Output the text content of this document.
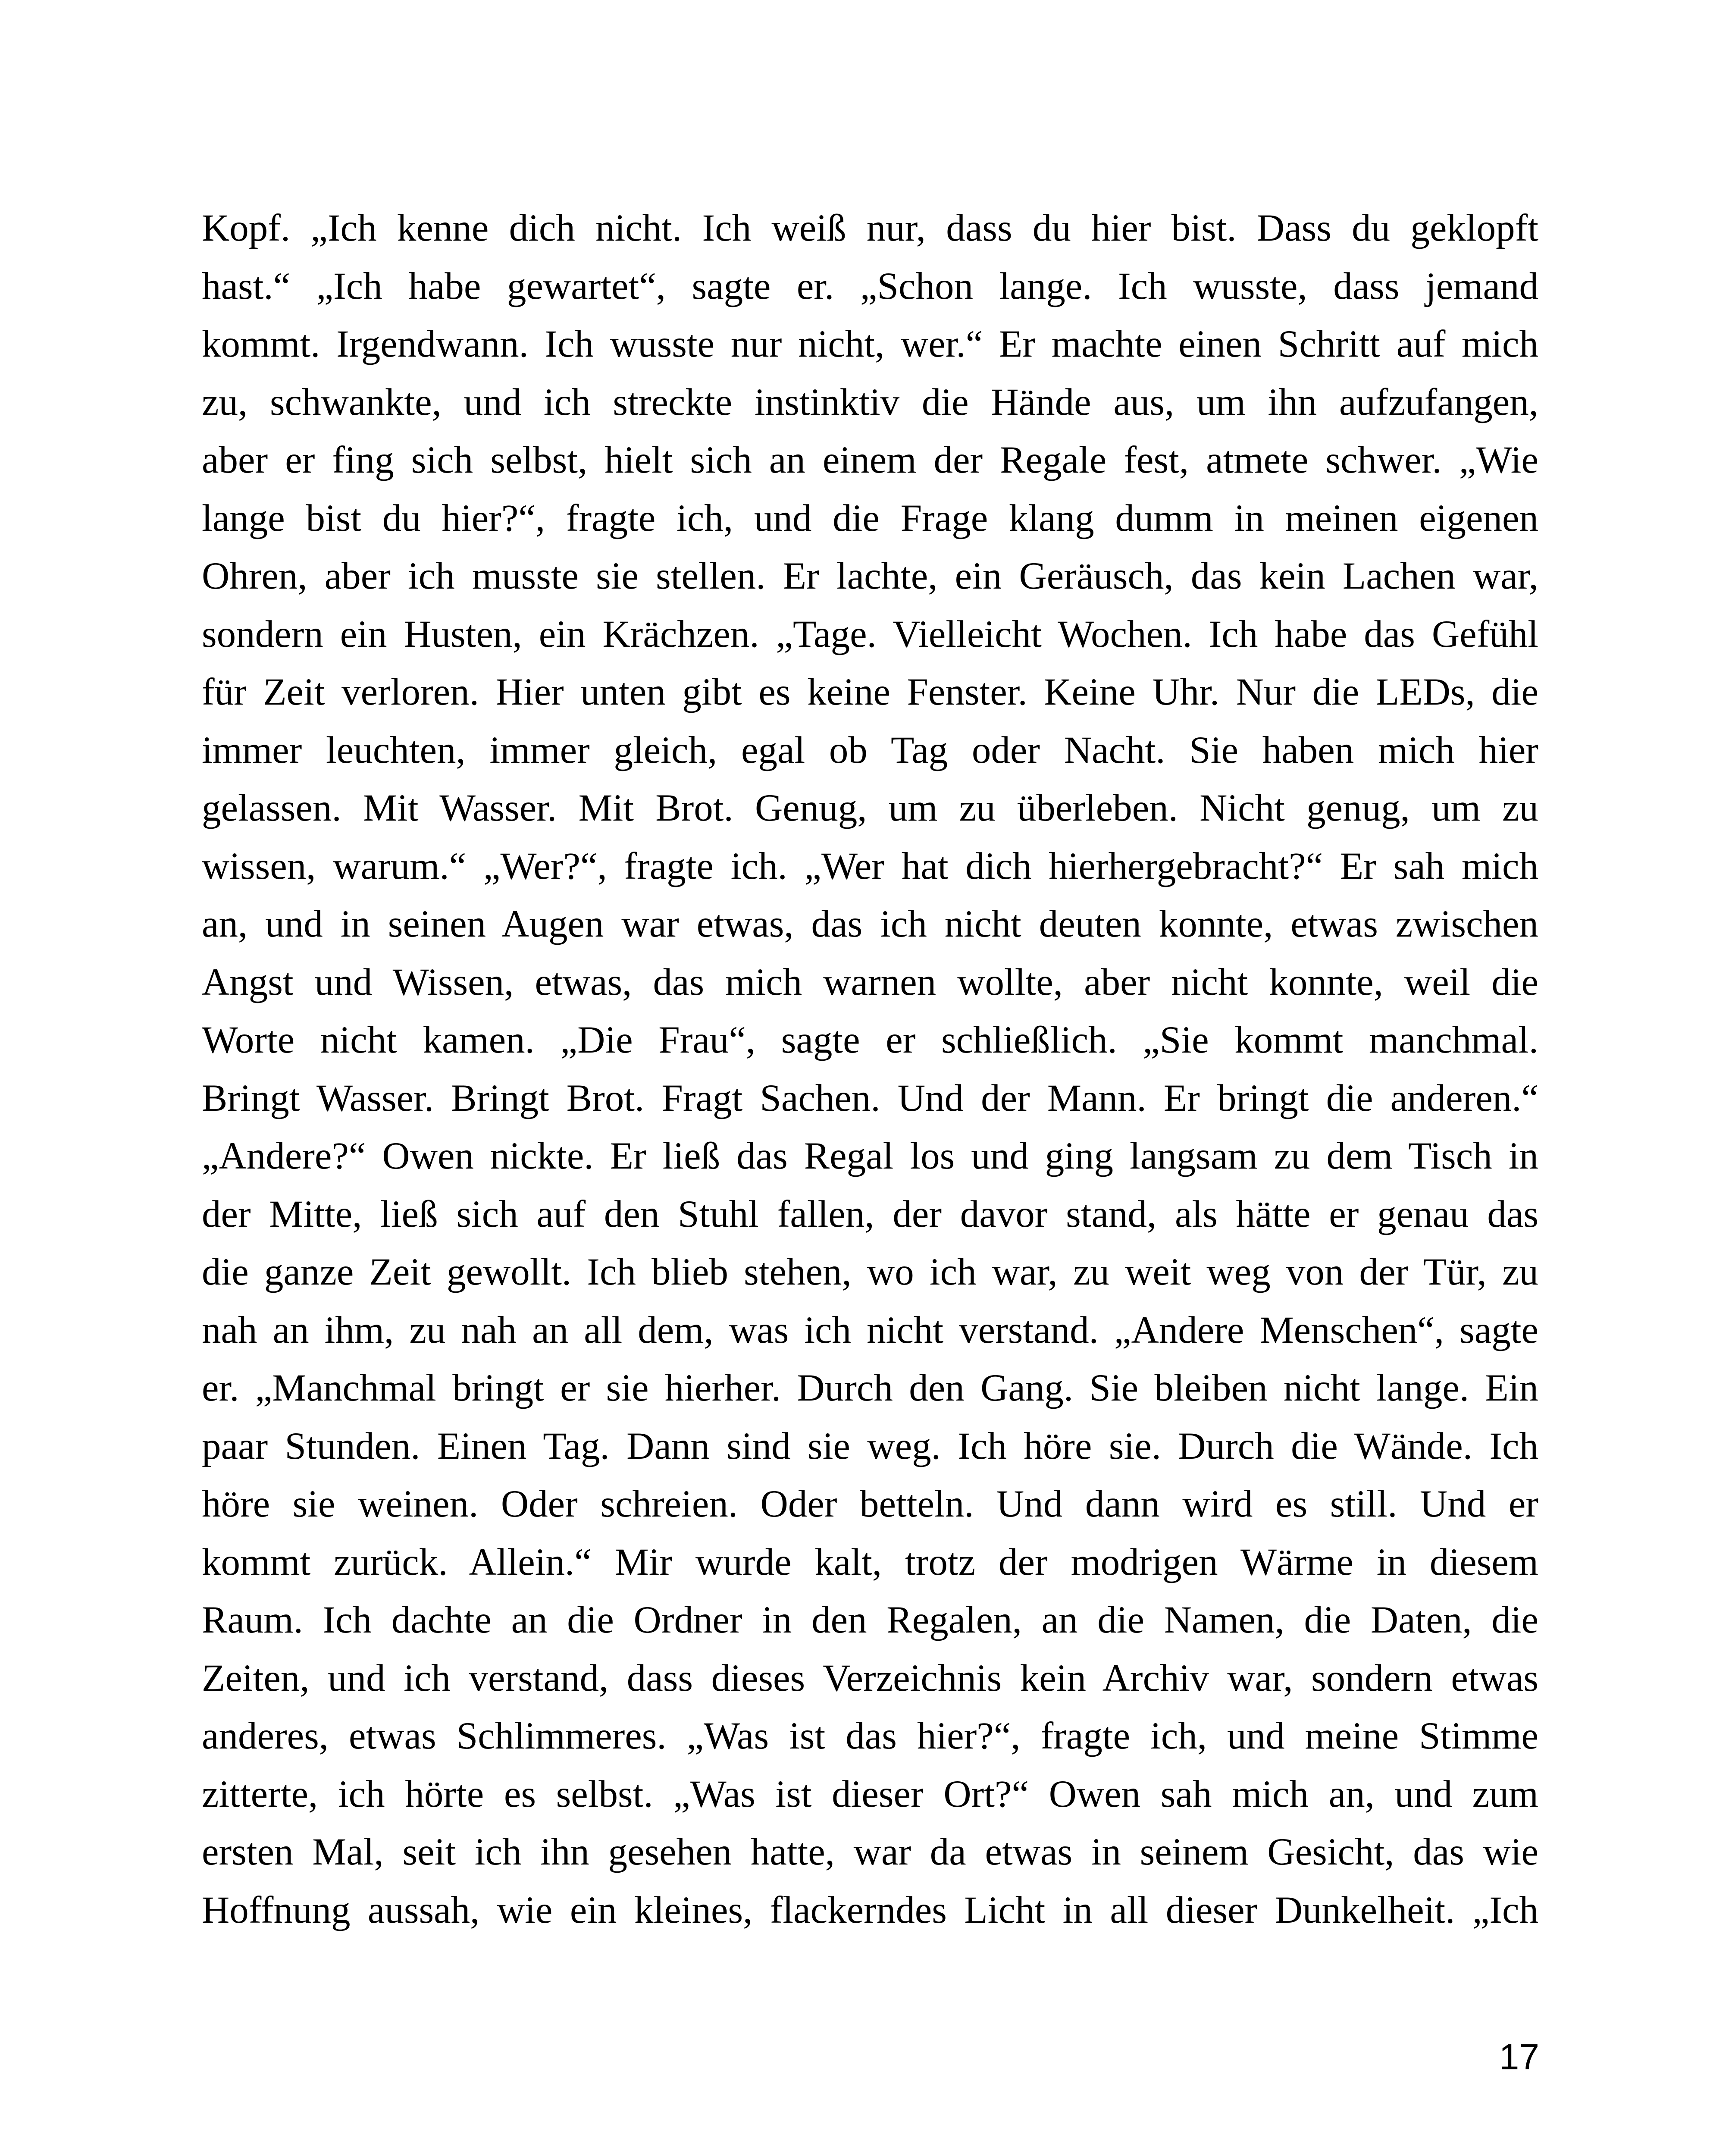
Kopf. „Ich kenne dich nicht. Ich weiß nur, dass du hier bist. Dass du geklopft
hast.“ „Ich habe gewartet“, sagte er. „Schon lange. Ich wusste, dass jemand
kommt. Irgendwann. Ich wusste nur nicht, wer.“ Er machte einen Schritt auf mich
zu, schwankte, und ich streckte instinktiv die Hände aus, um ihn aufzufangen,
aber er fing sich selbst, hielt sich an einem der Regale fest, atmete schwer. „Wie
lange bist du hier?“, fragte ich, und die Frage klang dumm in meinen eigenen
Ohren, aber ich musste sie stellen. Er lachte, ein Geräusch, das kein Lachen war,
sondern ein Husten, ein Krächzen. „Tage. Vielleicht Wochen. Ich habe das Gefühl
für Zeit verloren. Hier unten gibt es keine Fenster. Keine Uhr. Nur die LEDs, die
immer leuchten, immer gleich, egal ob Tag oder Nacht. Sie haben mich hier
gelassen. Mit Wasser. Mit Brot. Genug, um zu überleben. Nicht genug, um zu
wissen, warum.“ „Wer?“, fragte ich. „Wer hat dich hierhergebracht?“ Er sah mich
an, und in seinen Augen war etwas, das ich nicht deuten konnte, etwas zwischen
Angst und Wissen, etwas, das mich warnen wollte, aber nicht konnte, weil die
Worte nicht kamen. „Die Frau“, sagte er schließlich. „Sie kommt manchmal.
Bringt Wasser. Bringt Brot. Fragt Sachen. Und der Mann. Er bringt die anderen.“
„Andere?“ Owen nickte. Er ließ das Regal los und ging langsam zu dem Tisch in
der Mitte, ließ sich auf den Stuhl fallen, der davor stand, als hätte er genau das
die ganze Zeit gewollt. Ich blieb stehen, wo ich war, zu weit weg von der Tür, zu
nah an ihm, zu nah an all dem, was ich nicht verstand. „Andere Menschen“, sagte
er. „Manchmal bringt er sie hierher. Durch den Gang. Sie bleiben nicht lange. Ein
paar Stunden. Einen Tag. Dann sind sie weg. Ich höre sie. Durch die Wände. Ich
höre sie weinen. Oder schreien. Oder betteln. Und dann wird es still. Und er
kommt zurück. Allein.“ Mir wurde kalt, trotz der modrigen Wärme in diesem
Raum. Ich dachte an die Ordner in den Regalen, an die Namen, die Daten, die
Zeiten, und ich verstand, dass dieses Verzeichnis kein Archiv war, sondern etwas
anderes, etwas Schlimmeres. „Was ist das hier?“, fragte ich, und meine Stimme
zitterte, ich hörte es selbst. „Was ist dieser Ort?“ Owen sah mich an, und zum
ersten Mal, seit ich ihn gesehen hatte, war da etwas in seinem Gesicht, das wie
Hoffnung aussah, wie ein kleines, flackerndes Licht in all dieser Dunkelheit. „Ich

17
